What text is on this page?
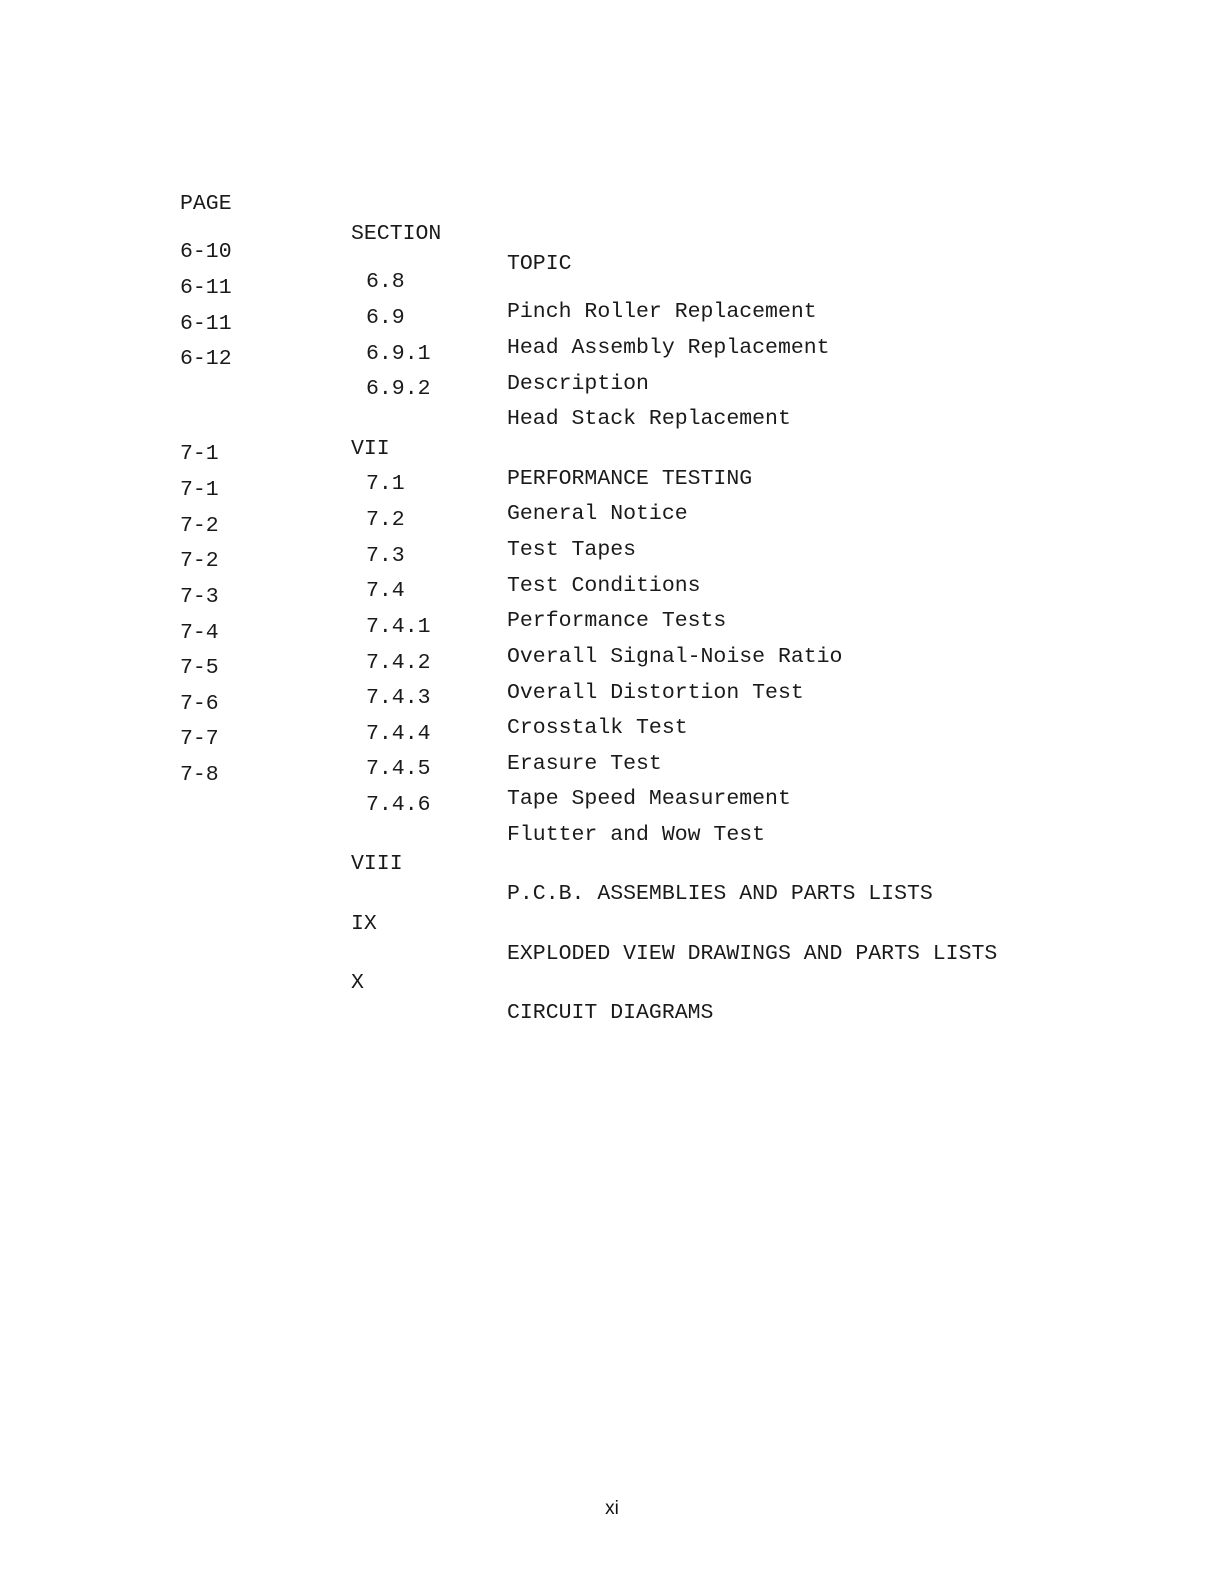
PAGE

SECTION

TOPIC

6-10

6.8

Pinch Roller Replacement

6-11

6.9

Head Assembly Replacement

6-11

6.9.1

Description

6-12

6.9.2

Head Stack Replacement

VII

PERFORMANCE TESTING

7-1

7.1

General Notice

7-1

7.2

Test Tapes

7-2

7.3

Test Conditions

7-2

7.4

Performance Tests

7-3

7.4.1

Overall Signal-Noise Ratio

7-4

7.4.2

Overall Distortion Test

7-5

7.4.3

Crosstalk Test

7-6

7.4.4

Erasure Test

7-7

7.4.5

Tape Speed Measurement

7-8

7.4.6

Flutter and Wow Test

VIII

P.C.B. ASSEMBLIES AND PARTS LISTS

IX

EXPLODED VIEW DRAWINGS AND PARTS LISTS

X

CIRCUIT DIAGRAMS

xi
